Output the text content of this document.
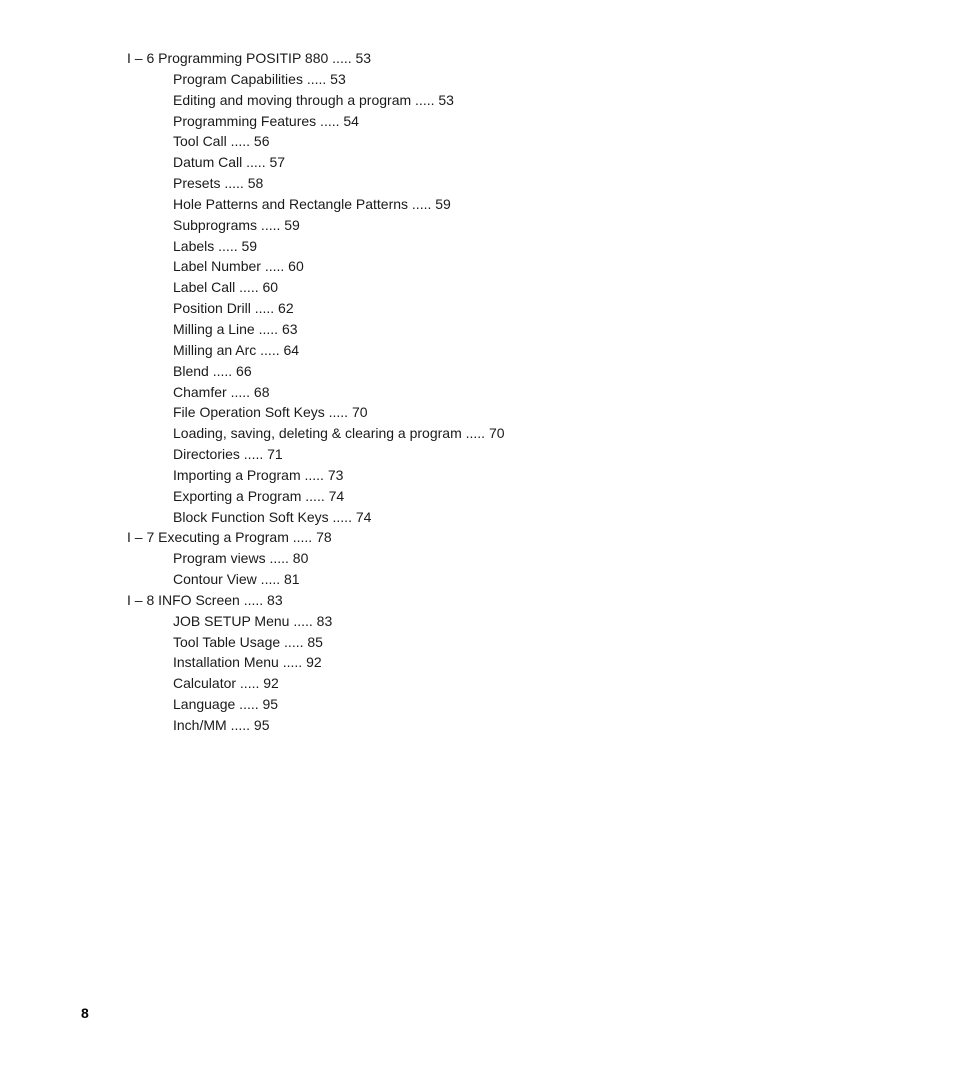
I – 6 Programming POSITIP 880 ..... 53
Program Capabilities ..... 53
Editing and moving through a program ..... 53
Programming Features ..... 54
Tool Call ..... 56
Datum Call ..... 57
Presets ..... 58
Hole Patterns and Rectangle Patterns ..... 59
Subprograms ..... 59
Labels ..... 59
Label Number ..... 60
Label Call ..... 60
Position Drill ..... 62
Milling a Line ..... 63
Milling an Arc ..... 64
Blend ..... 66
Chamfer ..... 68
File Operation Soft Keys ..... 70
Loading, saving, deleting & clearing a program ..... 70
Directories ..... 71
Importing a Program ..... 73
Exporting a Program ..... 74
Block Function Soft Keys ..... 74
I – 7 Executing a Program ..... 78
Program views ..... 80
Contour View ..... 81
I – 8 INFO Screen ..... 83
JOB SETUP Menu ..... 83
Tool Table Usage ..... 85
Installation Menu ..... 92
Calculator ..... 92
Language ..... 95
Inch/MM ..... 95
8
